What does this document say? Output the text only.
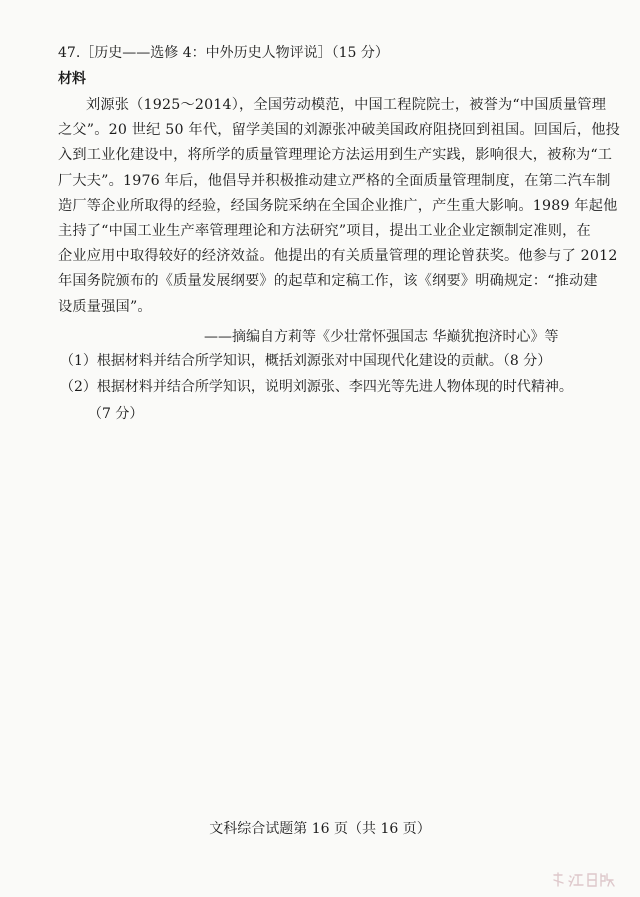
47.［历史——选修 4：中外历史人物评说］（15 分）
材料
刘源张（1925～2014），全国劳动模范，中国工程院院士，被誉为“中国质量管理
之父”。20 世纪 50 年代，留学美国的刘源张冲破美国政府阻挠回到祖国。回国后，他投
入到工业化建设中，将所学的质量管理理论方法运用到生产实践，影响很大，被称为“工
厂大夫”。1976 年后，他倡导并积极推动建立严格的全面质量管理制度，在第二汽车制
造厂等企业所取得的经验，经国务院采纳在全国企业推广，产生重大影响。1989 年起他
主持了“中国工业生产率管理理论和方法研究”项目，提出工业企业定额制定准则，在
企业应用中取得较好的经济效益。他提出的有关质量管理的理论曾获奖。他参与了 2012
年国务院颁布的《质量发展纲要》的起草和定稿工作，该《纲要》明确规定：“推动建
设质量强国”。
——摘编自方莉等《少壮常怀强国志 华巅犹抱济时心》等
（1）根据材料并结合所学知识，概括刘源张对中国现代化建设的贡献。（8 分）
（2）根据材料并结合所学知识，说明刘源张、李四光等先进人物体现的时代精神。
（7 分）
文科综合试题第 16 页（共 16 页）
